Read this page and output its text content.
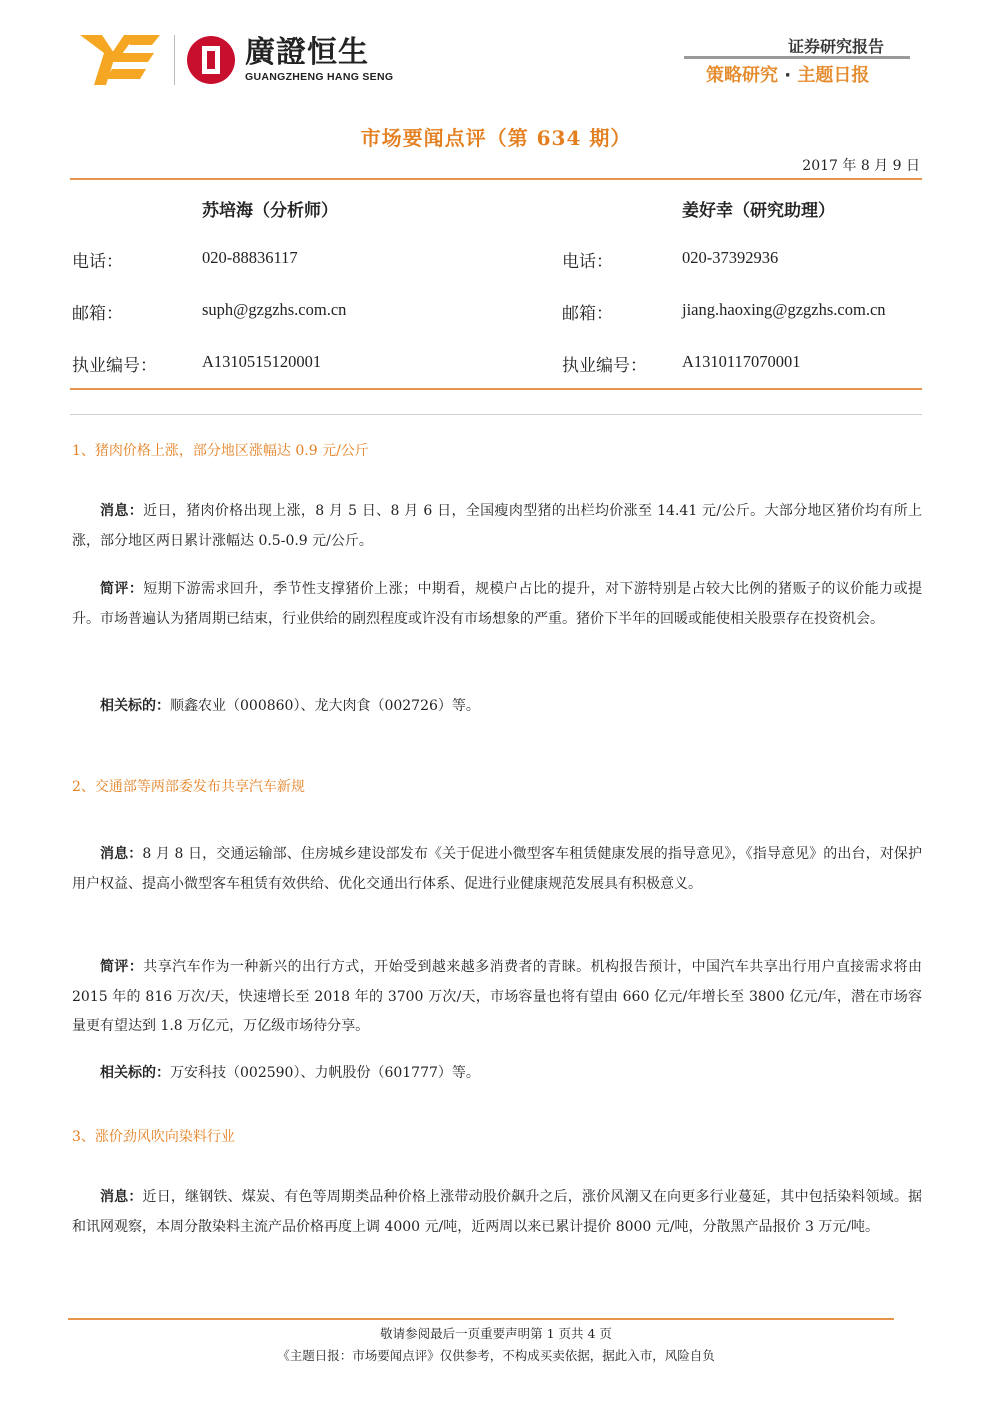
廣證恒生
GUANGZHENG HANG SENG
证券研究报告
策略研究 · 主题日报
市场要闻点评（第 634 期）
2017 年 8 月 9 日
苏培海（分析师）	姜好幸（研究助理）
电话：	020-88836117	电话：	020-37392936
邮箱：	suph@gzgzhs.com.cn	邮箱：	jiang.haoxing@gzgzhs.com.cn
执业编号：	A1310515120001	执业编号： A1310117070001
1、猪肉价格上涨，部分地区涨幅达 0.9 元/公斤
消息：近日，猪肉价格出现上涨，8 月 5 日、8 月 6 日，全国瘦肉型猪的出栏均价涨至 14.41 元/公斤。大部分地区猪价均有所上涨，部分地区两日累计涨幅达 0.5-0.9 元/公斤。
简评：短期下游需求回升，季节性支撑猪价上涨；中期看，规模户占比的提升，对下游特别是占较大比例的猪贩子的议价能力或提升。市场普遍认为猪周期已结束，行业供给的剧烈程度或许没有市场想象的严重。猪价下半年的回暖或能使相关股票存在投资机会。
相关标的：顺鑫农业（000860）、龙大肉食（002726）等。
2、交通部等两部委发布共享汽车新规
消息：8 月 8 日，交通运输部、住房城乡建设部发布《关于促进小微型客车租赁健康发展的指导意见》，《指导意见》的出台，对保护用户权益、提高小微型客车租赁有效供给、优化交通出行体系、促进行业健康规范发展具有积极意义。
简评：共享汽车作为一种新兴的出行方式，开始受到越来越多消费者的青睐。机构报告预计，中国汽车共享出行用户直接需求将由 2015 年的 816 万次/天，快速增长至 2018 年的 3700 万次/天，市场容量也将有望由 660 亿元/年增长至 3800 亿元/年，潜在市场容量更有望达到 1.8 万亿元，万亿级市场待分享。
相关标的：万安科技（002590）、力帆股份（601777）等。
3、涨价劲风吹向染料行业
消息：近日，继钢铁、煤炭、有色等周期类品种价格上涨带动股价飙升之后，涨价风潮又在向更多行业蔓延，其中包括染料领域。据和讯网观察，本周分散染料主流产品价格再度上调 4000 元/吨，近两周以来已累计提价 8000 元/吨，分散黑产品报价 3 万元/吨。
敬请参阅最后一页重要声明第 1 页共 4 页
《主题日报：市场要闻点评》仅供参考，不构成买卖依据，据此入市，风险自负
